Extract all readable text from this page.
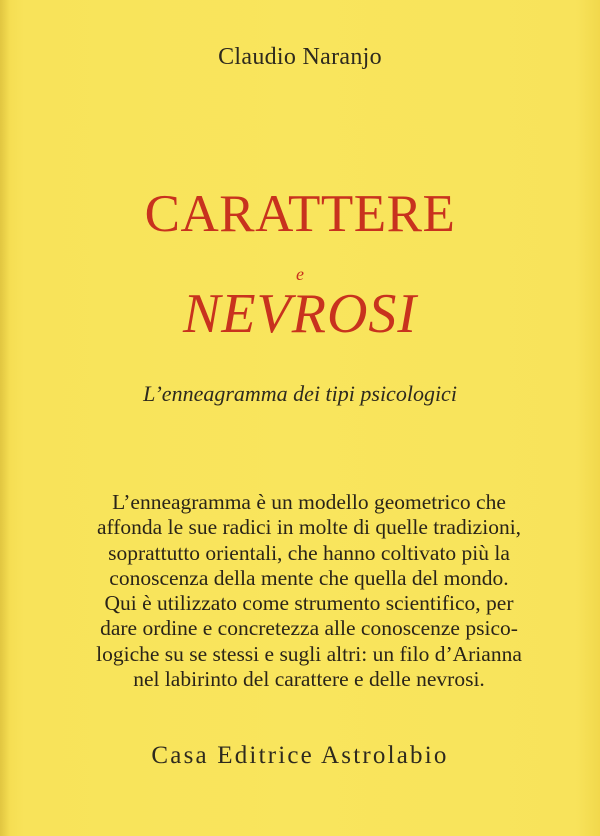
Claudio Naranjo
CARATTERE
e
NEVROSI
L’enneagramma dei tipi psicologici
L’enneagramma è un modello geometrico che
affonda le sue radici in molte di quelle tradizioni,
soprattutto orientali, che hanno coltivato più la
conoscenza della mente che quella del mondo.
Qui è utilizzato come strumento scientifico, per
dare ordine e concretezza alle conoscenze psico-
logiche su se stessi e sugli altri: un filo d’Arianna
nel labirinto del carattere e delle nevrosi.
Casa Editrice Astrolabio
